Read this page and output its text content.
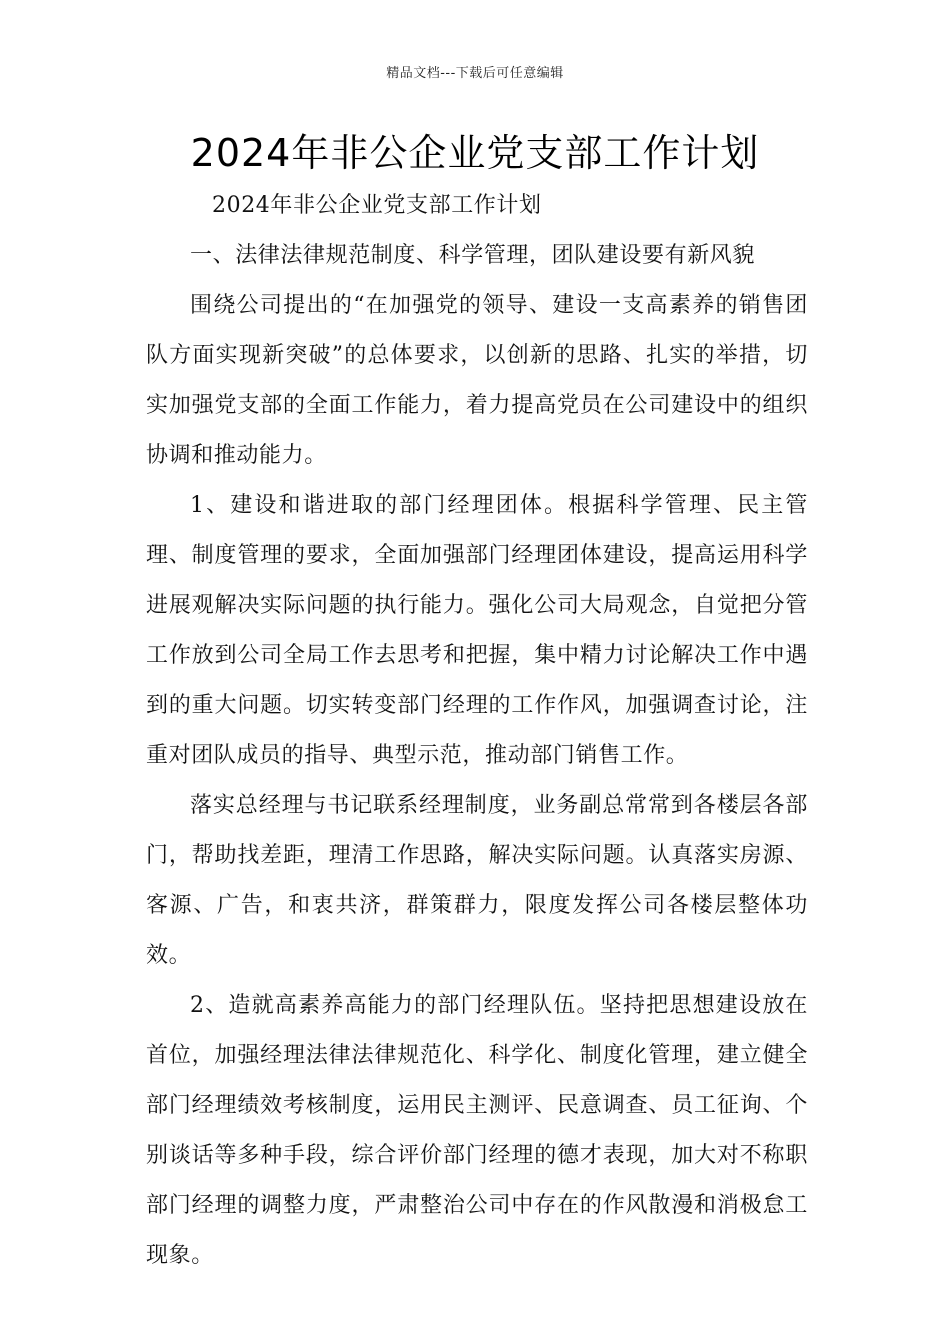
精品文档---下载后可任意编辑
2024年非公企业党支部工作计划

2024年非公企业党支部工作计划

一、法律法律规范制度、科学管理，团队建设要有新风貌

围绕公司提出的“在加强党的领导、建设一支高素养的销售团队方面实现新突破”的总体要求，以创新的思路、扎实的举措，切实加强党支部的全面工作能力，着力提高党员在公司建设中的组织协调和推动能力。

1、建设和谐进取的部门经理团体。根据科学管理、民主管理、制度管理的要求，全面加强部门经理团体建设，提高运用科学进展观解决实际问题的执行能力。强化公司大局观念，自觉把分管工作放到公司全局工作去思考和把握，集中精力讨论解决工作中遇到的重大问题。切实转变部门经理的工作作风，加强调查讨论，注重对团队成员的指导、典型示范，推动部门销售工作。

落实总经理与书记联系经理制度，业务副总常常到各楼层各部门，帮助找差距，理清工作思路，解决实际问题。认真落实房源、客源、广告，和衷共济，群策群力，限度发挥公司各楼层整体功效。

2、造就高素养高能力的部门经理队伍。坚持把思想建设放在首位，加强经理法律法律规范化、科学化、制度化管理，建立健全部门经理绩效考核制度，运用民主测评、民意调查、员工征询、个别谈话等多种手段，综合评价部门经理的德才表现，加大对不称职部门经理的调整力度，严肃整治公司中存在的作风散漫和消极怠工现象。
